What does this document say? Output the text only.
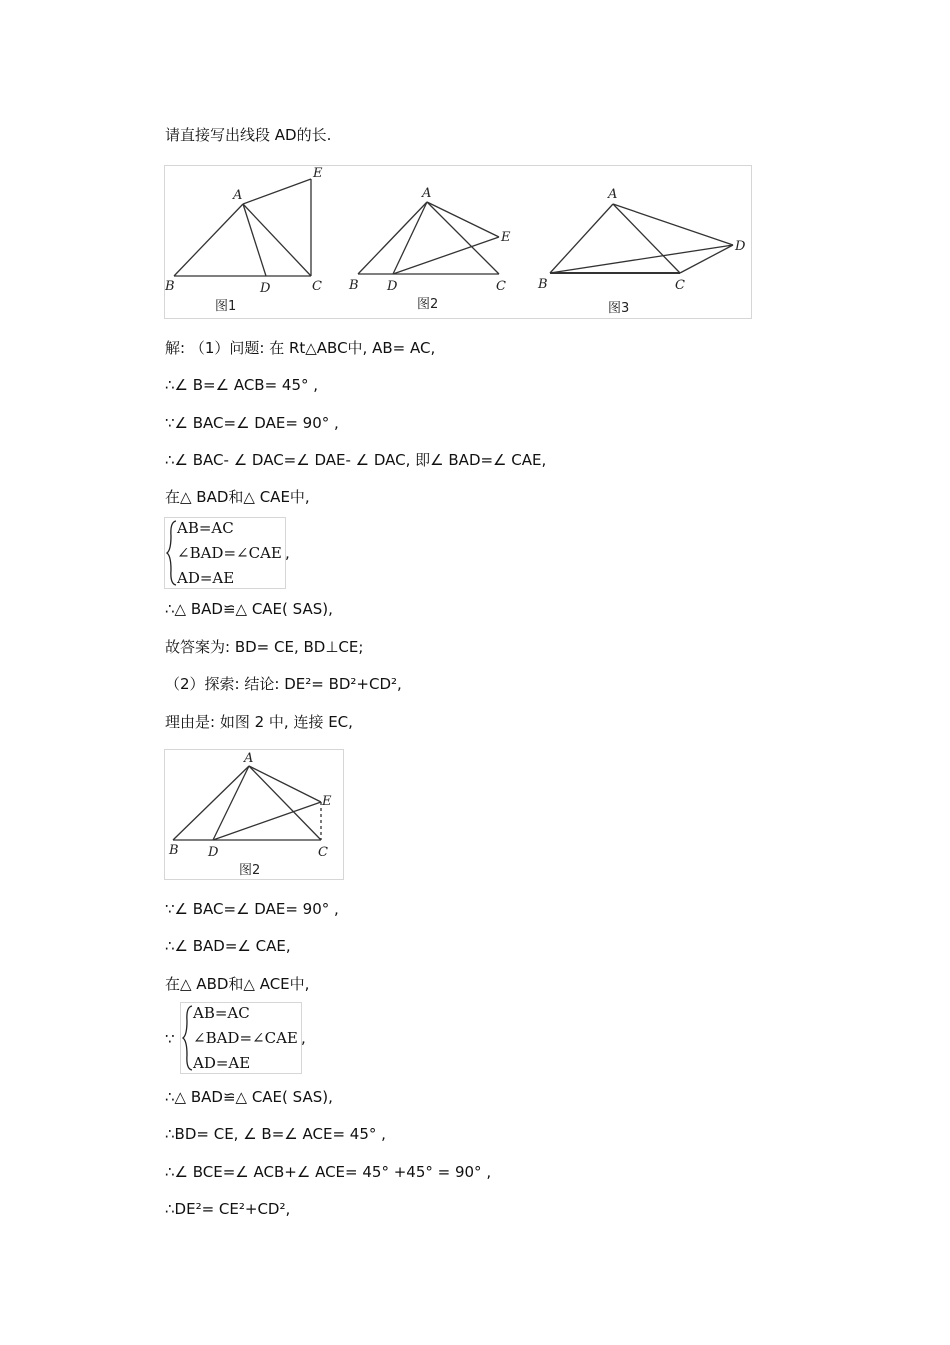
请直接写出线段 AD的长.
A
E
B	D	C
图1
A
E
B D	C
图2
A
D
B	C
图3
解: （1）问题: 在 Rt△ABC中, AB= AC,
∴∠ B=∠ ACB= 45° ,
∵∠ BAC=∠ DAE= 90° ,
∴∠ BAC- ∠ DAC=∠ DAE- ∠ DAC, 即∠ BAD=∠ CAE,
在△ BAD和△ CAE中,
AB=AC
∠BAD=∠CAE
AD=AE
,
∴△ BAD≌△ CAE( SAS),
故答案为: BD= CE, BD⊥CE;
（2）探索: 结论: DE²= BD²+CD²,
理由是: 如图 2 中, 连接 EC,
A
E
B D	C
图2
∵∠ BAC=∠ DAE= 90° ,
∴∠ BAD=∠ CAE,
在△ ABD和△ ACE中,
∵
AB=AC
∠BAD=∠CAE
AD=AE
,
∴△ BAD≌△ CAE( SAS),
∴BD= CE, ∠ B=∠ ACE= 45° ,
∴∠ BCE=∠ ACB+∠ ACE= 45° +45° = 90° ,
∴DE²= CE²+CD²,
